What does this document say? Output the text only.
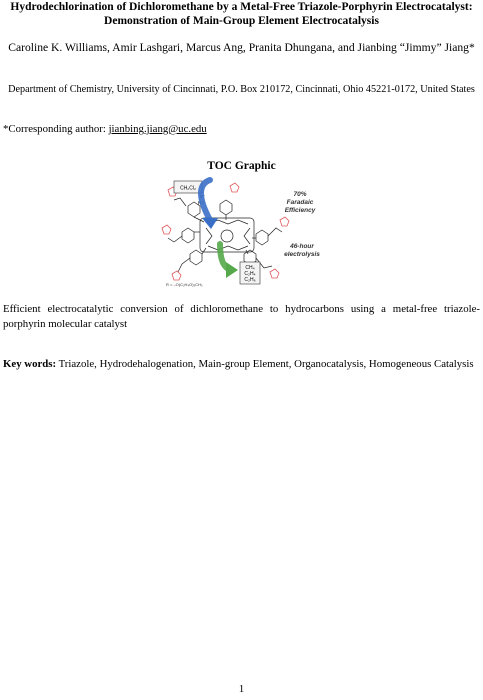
Hydrodechlorination of Dichloromethane by a Metal-Free Triazole-Porphyrin Electrocatalyst: Demonstration of Main-Group Element Electrocatalysis
Caroline K. Williams, Amir Lashgari, Marcus Ang, Pranita Dhungana, and Jianbing “Jimmy” Jiang*
Department of Chemistry, University of Cincinnati, P.O. Box 210172, Cincinnati, Ohio 45221-0172, United States
*Corresponding author: jianbing.jiang@uc.edu
TOC Graphic
CH₂Cl₂
e⁻
H⁺
CH₄
C₂H₄
C₂H₆
70%
Faradaic
Efficiency
46-hour
electrolysis
R = –O(C₂H₄O)₃CH₃
Efficient electrocatalytic conversion of dichloromethane to hydrocarbons using a metal-free triazole-porphyrin molecular catalyst
Key words: Triazole, Hydrodehalogenation, Main-group Element, Organocatalysis, Homogeneous Catalysis
1
